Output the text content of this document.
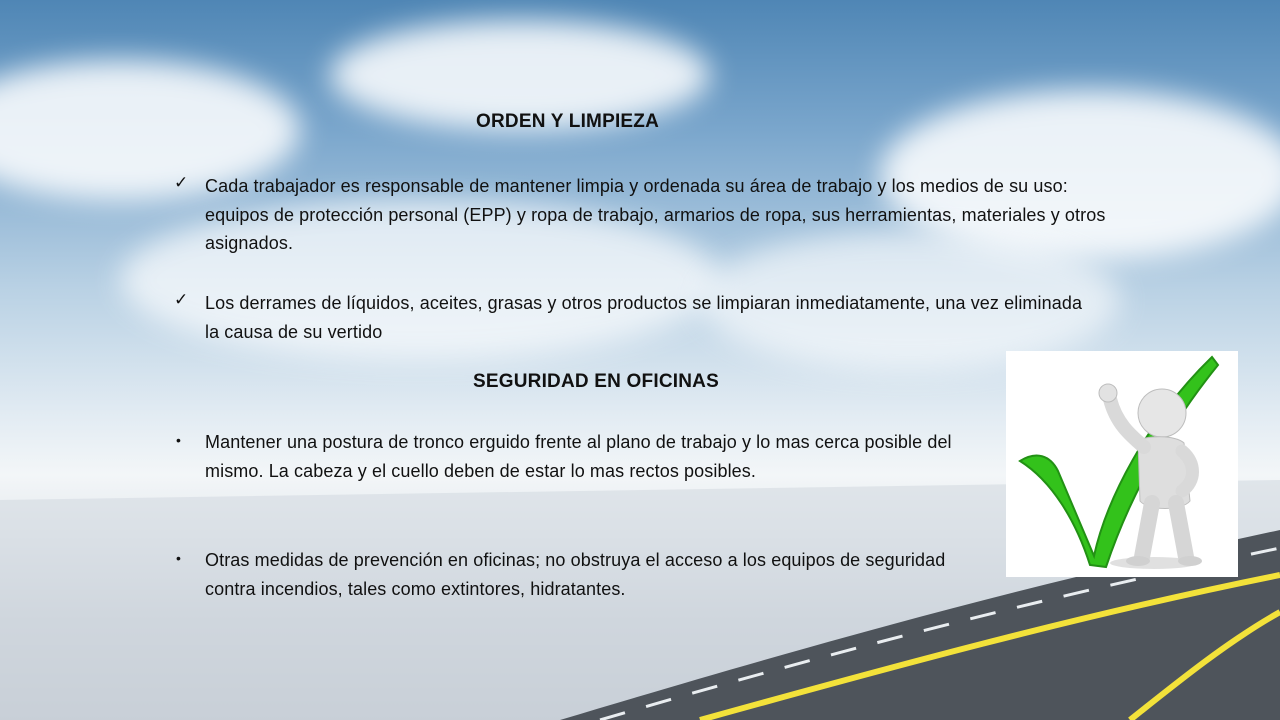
ORDEN Y LIMPIEZA
✓ Cada trabajador es responsable de mantener limpia y ordenada su área de trabajo y los medios de su uso: equipos de protección personal (EPP) y ropa de trabajo, armarios de ropa, sus herramientas, materiales y otros asignados.
✓ Los derrames de líquidos, aceites, grasas y otros productos se limpiaran inmediatamente, una vez eliminada la causa de su vertido
SEGURIDAD EN OFICINAS
• Mantener una postura de tronco erguido frente al plano de trabajo y lo mas cerca posible del mismo. La cabeza y el cuello deben de estar lo mas rectos posibles.
• Otras medidas de prevención en oficinas; no obstruya el acceso a los equipos de seguridad contra incendios, tales como extintores, hidratantes.
